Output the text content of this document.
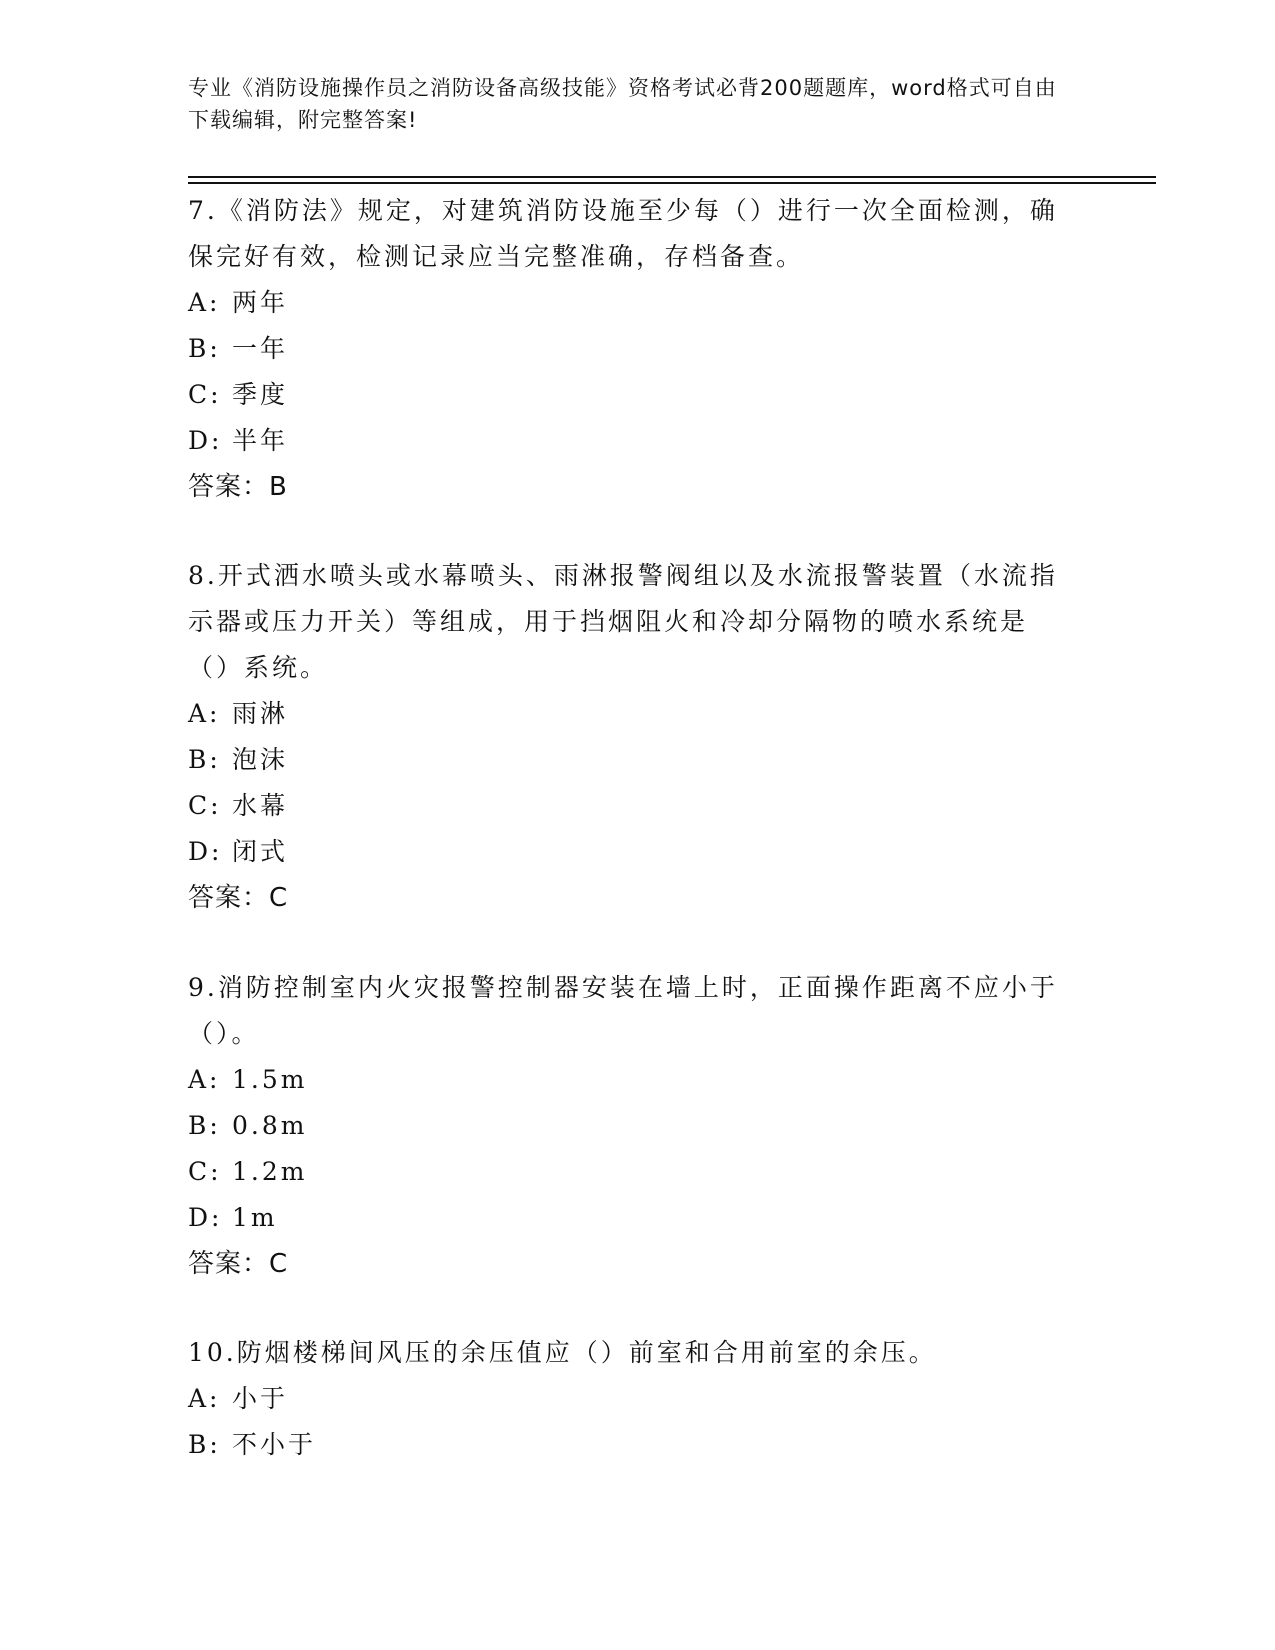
专业《消防设施操作员之消防设备高级技能》资格考试必背200题题库，word格式可自由下载编辑，附完整答案!
7.《消防法》规定，对建筑消防设施至少每（）进行一次全面检测，确保完好有效，检测记录应当完整准确，存档备查。
A: 两年
B: 一年
C: 季度
D: 半年
答案：B
8.开式洒水喷头或水幕喷头、雨淋报警阀组以及水流报警装置（水流指示器或压力开关）等组成，用于挡烟阻火和冷却分隔物的喷水系统是（）系统。
A: 雨淋
B: 泡沫
C: 水幕
D: 闭式
答案：C
9.消防控制室内火灾报警控制器安装在墙上时，正面操作距离不应小于（）。
A: 1.5m
B: 0.8m
C: 1.2m
D: 1m
答案：C
10.防烟楼梯间风压的余压值应（）前室和合用前室的余压。
A: 小于
B: 不小于
